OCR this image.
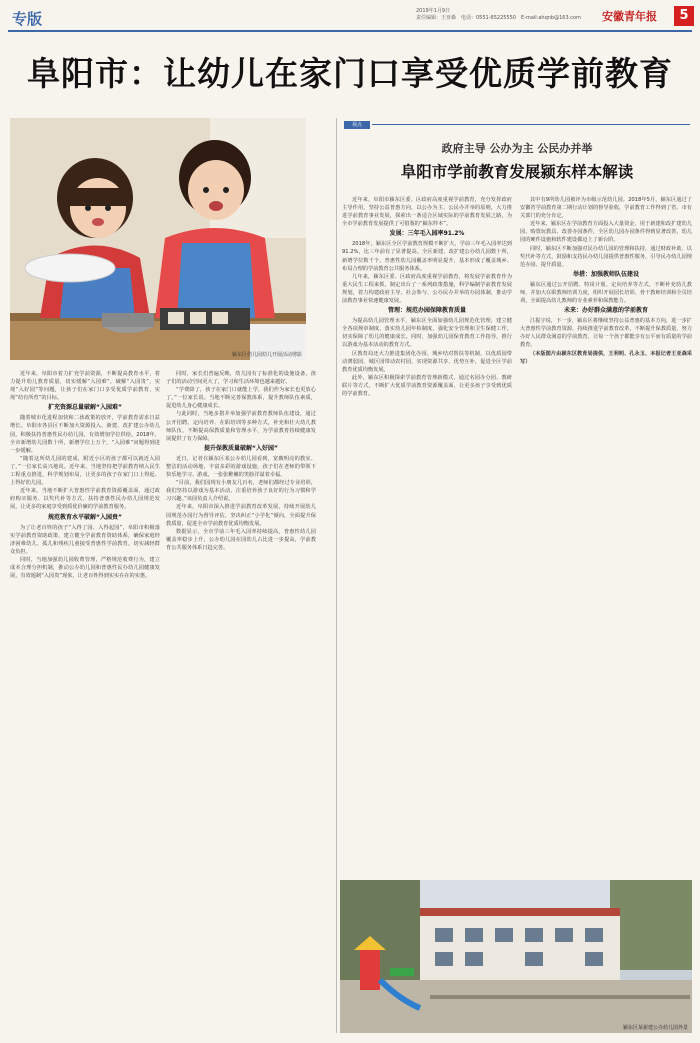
专版	2019年1月9日
责任编辑：王亚森　电话：0551-65225550　E-mail:ahqnb@163.com	安徽青年报	5
阜阳市：让幼儿在家门口享受优质学前教育
颍东区幼儿园幼儿开展活动剪影

近年来，阜阳市着力扩充学前资源，不断提高教育水平，着力提升幼儿教育质量，切实缓解“入园难”，破解“入园贵”，实现“入好园”等问题，让孩子们在家门口享受优质学前教育，实现“幼有所育”的目标。

扩充资源总量破解“入园难”

随着城市化进程加快和二孩政策的放开，学前教育需求日益增长。阜阳市各县区不断加大资源投入，新建、改扩建公办幼儿园，积极扶持普惠性民办幼儿园，有效增加学位供给。2018年，全市新增幼儿园数十所，新增学位上万个，“入园难”问题得到进一步缓解。

“随着这所幼儿园的建成，附近小区的孩子都可以就近入园了。”一位家长高兴地说。近年来，当地坚持把学前教育纳入民生工程重点推进，科学规划布局，让更多的孩子在家门口上得起、上得好幼儿园。

近年来，当地不断扩大普惠性学前教育资源覆盖面，通过政府购买服务、以奖代补等方式，扶持普惠性民办幼儿园规范发展，让更多的家庭享受到质优价廉的学前教育服务。

规范教育水平破解“入园贵”

为了让老百姓的孩子“入得了园、入得起园”，阜阳市积极落实学前教育资助政策，建立健全学前教育资助体系，确保家庭经济困难幼儿、孤儿和残疾儿童接受普惠性学前教育，切实减轻群众负担。

同时，当地加强幼儿园收费管理，严格规范收费行为，建立成本合理分担机制，推动公办幼儿园和普惠性民办幼儿园健康发展，有效遏制“入园贵”现象，让老百姓得到实实在在的实惠。

同时，家长们普遍反映，幼儿园有了标准化的设施设备，孩子们的活动空间更大了，学习和生活环境也越来越好。

“学费降了，孩子在家门口就能上学，我们作为家长也更放心了。”一位家长说。当地不断完善保教体系，提升教师队伍素质，促进幼儿身心健康成长。

与此同时，当地多措并举加强学前教育教师队伍建设，通过公开招聘、定向培养、在职培训等多种方式，补充和壮大幼儿教师队伍，不断提高保教质量和管理水平，为学前教育持续健康发展提供了有力保障。

提升保教质量破解“入好园”

近日，记者在颍东区某公办幼儿园看到，宽敞明亮的教室、整洁的活动场地、丰富多彩的游戏设施，孩子们在老师的带领下快乐地学习、游戏，一张张稚嫩的笑脸洋溢着幸福。

“目前，我们园现有小朋友几百名，老师们都经过专业培训，我们坚持以游戏为基本活动，注重培养孩子良好的行为习惯和学习兴趣。”该园负责人介绍说。

近年来，阜阳市深入推进学前教育改革发展，持续开展幼儿园规范办园行为督导评估，坚决纠正“小学化”倾向，全面提升保教质量，促进全市学前教育优质均衡发展。

数据显示，全市学前三年毛入园率持续提高，普惠性幼儿园覆盖率稳步上升，公办幼儿园在园幼儿占比进一步提高，学前教育公共服务体系日趋完善。

视点
政府主导 公办为主 公民办并举
阜阳市学前教育发展颍东样本解读

近年来，阜阳市颍东区委、区政府高度重视学前教育，充分发挥政府主导作用，坚持公益普惠方向，以公办为主、公民办并举的原则，大力推进学前教育事业发展，探索出一条适合区域实际的学前教育发展之路，为全市学前教育发展提供了可借鉴的“颍东样本”。

发展：三年毛入园率91.2%

2018年，颍东区全区学前教育规模不断扩大，学前三年毛入园率达到91.2%，比三年前有了显著提高。全区新建、改扩建公办幼儿园数十所，新增学位数千个，普惠性幼儿园覆盖率明显提升，基本形成了覆盖城乡、布局合理的学前教育公共服务体系。

几年来，颍东区委、区政府高度重视学前教育，将发展学前教育作为重大民生工程来抓，制定出台了一系列政策措施，科学编制学前教育发展规划，着力构建政府主导、社会参与、公办民办并举的办园体制，推动学前教育事业快速健康发展。

管理：规范办园保障教育质量

为提高幼儿园管理水平，颍东区全面加强幼儿园规范化管理，建立健全各项规章制度，落实幼儿园年检制度，强化安全管理和卫生保健工作，切实保障了幼儿的健康成长。同时，加强幼儿园保育教育工作指导，推行以游戏为基本活动的教育方式。

区教育局还大力推进集团化办园、城乡结对帮扶等机制，以优质园带动薄弱园、城区园带动农村园，实现资源共享、优势互补，促进全区学前教育优质均衡发展。

此外，颍东区积极探索学前教育管理新模式，通过名园办分园、教研联片等方式，不断扩大优质学前教育资源覆盖面，让更多孩子享受到优质的学前教育。

其中有9所幼儿园被评为市级示范幼儿园。2018年5月，颍东区通过了安徽省学前教育第二期行动计划的督导验收，学前教育工作得到了省、市有关部门的充分肯定。

近年来，颍东区在学前教育方面投入大量资金，用于新建和改扩建幼儿园、购置玩教具、改善办园条件，全区幼儿园办园条件得到显著改善，幼儿园的硬件设施和软件建设都迈上了新台阶。

同时，颍东区不断加强对民办幼儿园的管理和扶持，通过财政补助、以奖代补等方式，鼓励和支持民办幼儿园提供普惠性服务，引导民办幼儿园规范办园、提升质量。

举措：加强教师队伍建设

颍东区通过公开招聘、特岗计划、定向培养等方式，不断补充幼儿教师，并加大在职教师培训力度，组织开展园长培训、骨干教师培训和全员培训，全面提高幼儿教师的专业素养和保教能力。

未来：办好群众满意的学前教育

江振宇说，下一步，颍东区将继续坚持公益普惠的基本方向，进一步扩大普惠性学前教育资源，持续推进学前教育改革，不断提升保教质量，努力办好人民群众满意的学前教育，让每一个孩子都能享有公平而有质量的学前教育。

（本版图片由颍东区教育局提供，王利明、孔永玉、本报记者王亚森采写）

颍东区某新建公办幼儿园外景
